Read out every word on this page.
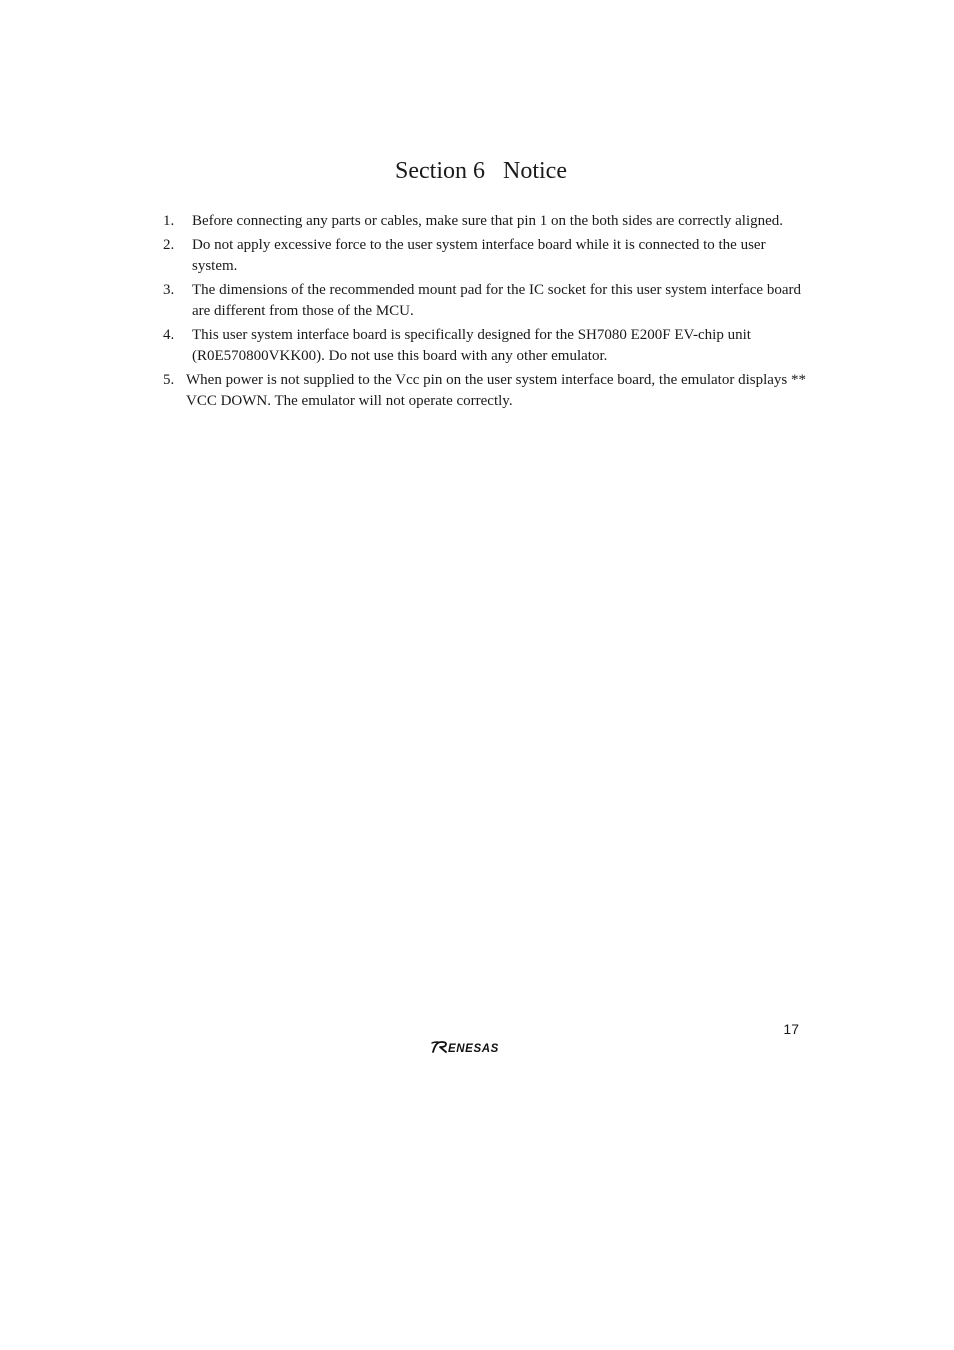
Section 6   Notice
1. Before connecting any parts or cables, make sure that pin 1 on the both sides are correctly aligned.
2. Do not apply excessive force to the user system interface board while it is connected to the user system.
3. The dimensions of the recommended mount pad for the IC socket for this user system interface board are different from those of the MCU.
4. This user system interface board is specifically designed for the SH7080 E200F EV-chip unit (R0E570800VKK00). Do not use this board with any other emulator.
5. When power is not supplied to the Vcc pin on the user system interface board, the emulator displays ** VCC DOWN. The emulator will not operate correctly.
17
ENESAS
